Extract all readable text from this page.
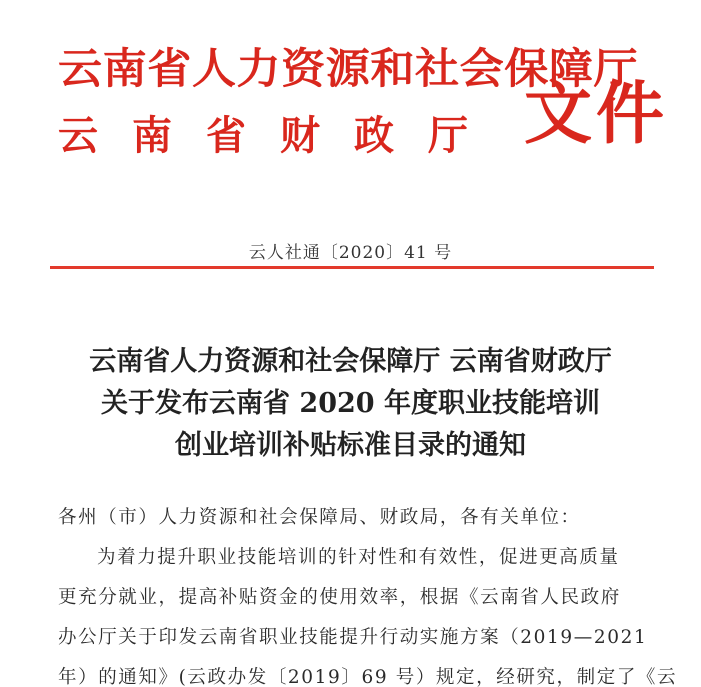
云南省人力资源和社会保障厅
云南省财政厅 文件
云人社通〔2020〕41 号
云南省人力资源和社会保障厅 云南省财政厅
关于发布云南省 2020 年度职业技能培训
创业培训补贴标准目录的通知
各州（市）人力资源和社会保障局、财政局，各有关单位：
为着力提升职业技能培训的针对性和有效性，促进更高质量
更充分就业，提高补贴资金的使用效率，根据《云南省人民政府
办公厅关于印发云南省职业技能提升行动实施方案（2019—2021
年）的通知》(云政办发〔2019〕69 号）规定，经研究，制定了《云
